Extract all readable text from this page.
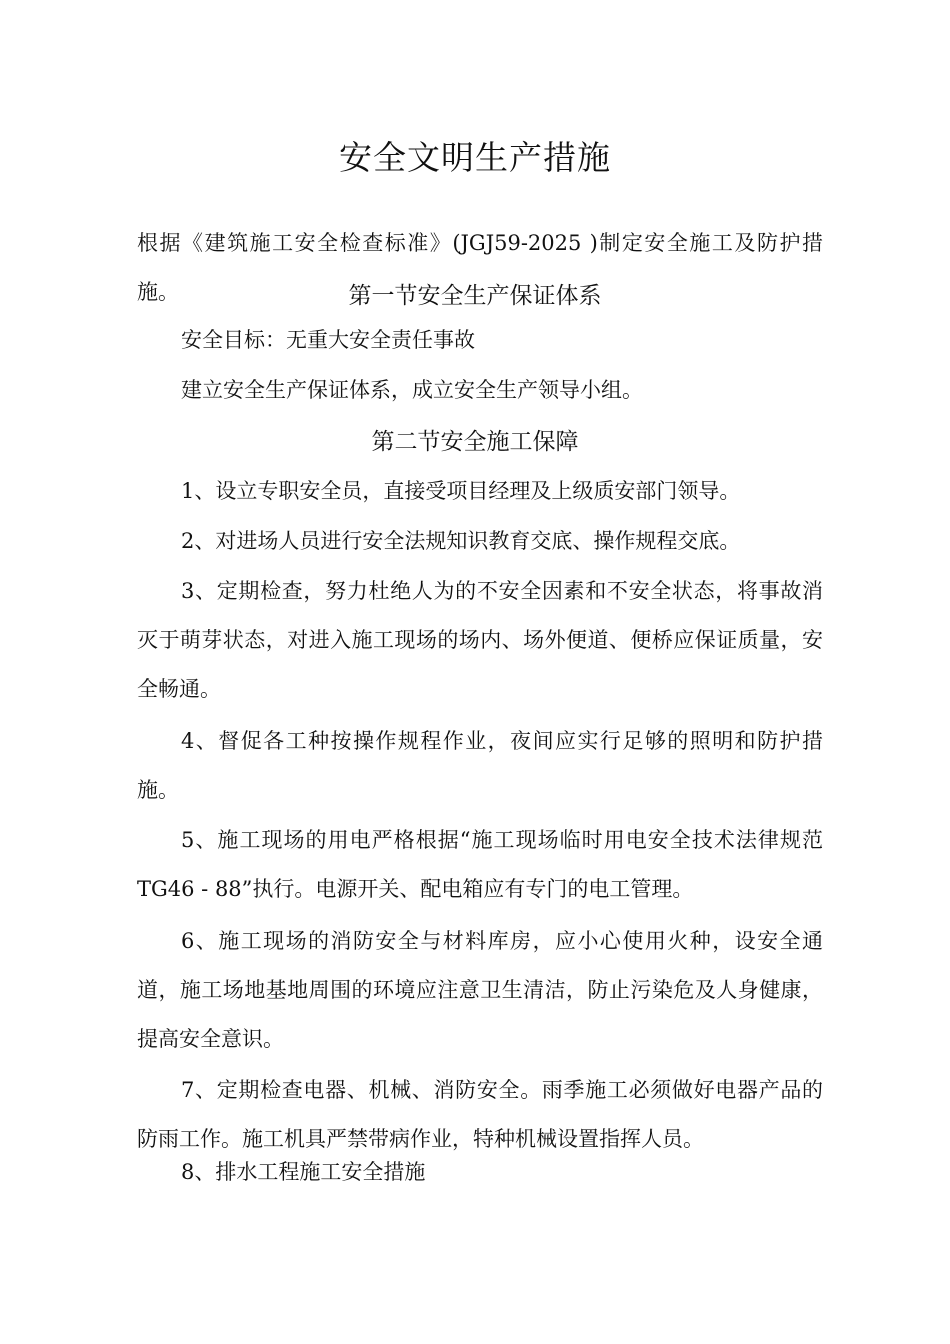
安全文明生产措施
根据《建筑施工安全检查标准》(JGJ59-2025 )制定安全施工及防护措施。	第一节安全生产保证体系
安全目标：无重大安全责任事故
建立安全生产保证体系，成立安全生产领导小组。
第二节安全施工保障
1、设立专职安全员，直接受项目经理及上级质安部门领导。
2、对进场人员进行安全法规知识教育交底、操作规程交底。
3、定期检查，努力杜绝人为的不安全因素和不安全状态，将事故消灭于萌芽状态，对进入施工现场的场内、场外便道、便桥应保证质量，安全畅通。
4、督促各工种按操作规程作业，夜间应实行足够的照明和防护措施。
5、施工现场的用电严格根据“施工现场临时用电安全技术法律规范TG46 - 88”执行。电源开关、配电箱应有专门的电工管理。
6、施工现场的消防安全与材料库房，应小心使用火种，设安全通道，施工场地基地周围的环境应注意卫生清洁，防止污染危及人身健康，提高安全意识。
7、定期检查电器、机械、消防安全。雨季施工必须做好电器产品的防雨工作。施工机具严禁带病作业，特种机械设置指挥人员。
8、排水工程施工安全措施
